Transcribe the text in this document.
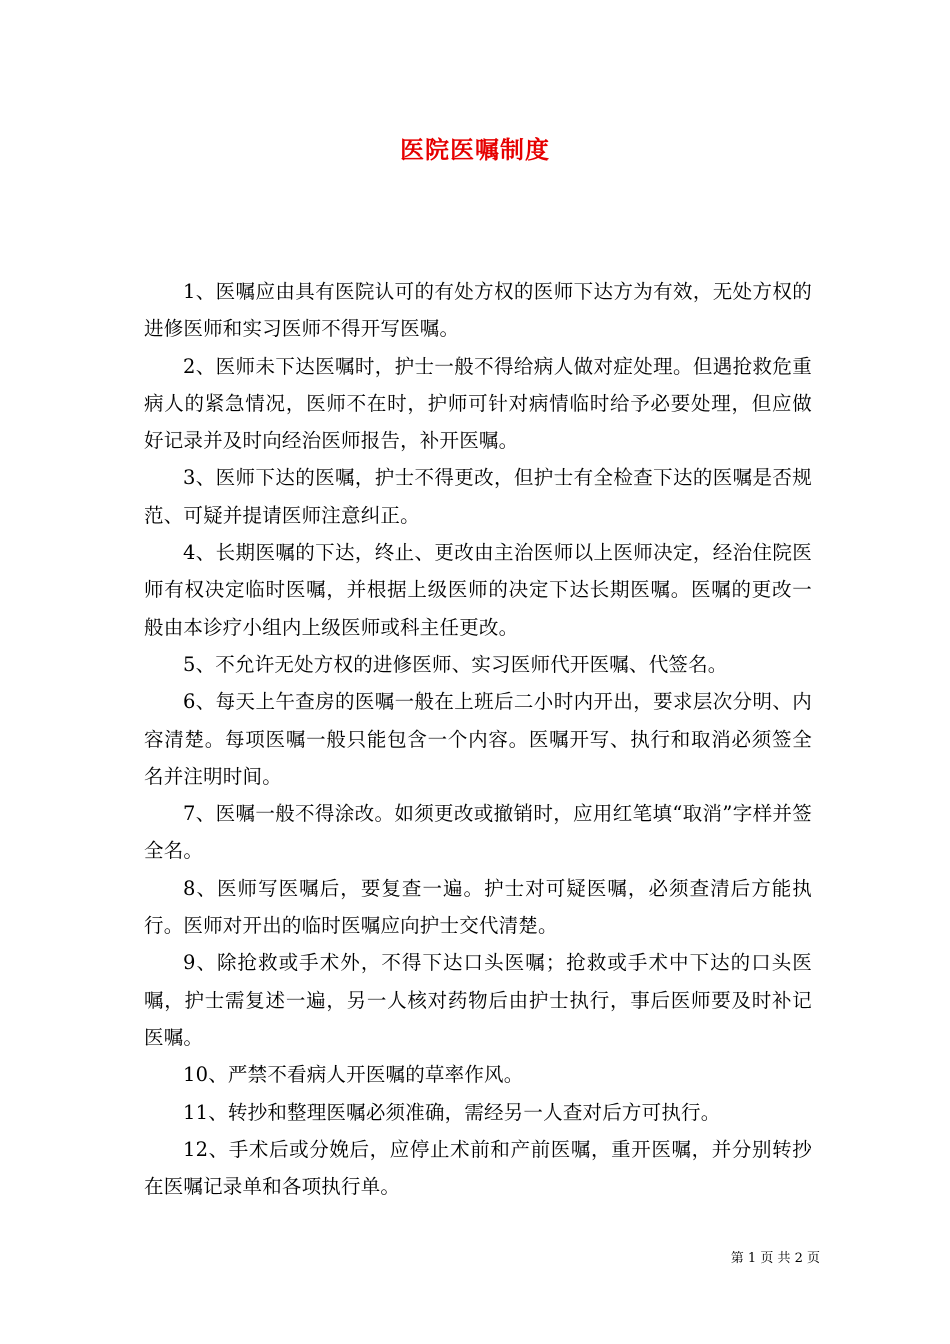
医院医嘱制度

1、医嘱应由具有医院认可的有处方权的医师下达方为有效，无处方权的进修医师和实习医师不得开写医嘱。

2、医师未下达医嘱时，护士一般不得给病人做对症处理。但遇抢救危重病人的紧急情况，医师不在时，护师可针对病情临时给予必要处理，但应做好记录并及时向经治医师报告，补开医嘱。

3、医师下达的医嘱，护士不得更改，但护士有全检查下达的医嘱是否规范、可疑并提请医师注意纠正。

4、长期医嘱的下达，终止、更改由主治医师以上医师决定，经治住院医师有权决定临时医嘱，并根据上级医师的决定下达长期医嘱。医嘱的更改一般由本诊疗小组内上级医师或科主任更改。

5、不允许无处方权的进修医师、实习医师代开医嘱、代签名。

6、每天上午查房的医嘱一般在上班后二小时内开出，要求层次分明、内容清楚。每项医嘱一般只能包含一个内容。医嘱开写、执行和取消必须签全名并注明时间。

7、医嘱一般不得涂改。如须更改或撤销时，应用红笔填“取消”字样并签全名。

8、医师写医嘱后，要复查一遍。护士对可疑医嘱，必须查清后方能执行。医师对开出的临时医嘱应向护士交代清楚。

9、除抢救或手术外，不得下达口头医嘱；抢救或手术中下达的口头医嘱，护士需复述一遍，另一人核对药物后由护士执行，事后医师要及时补记医嘱。

10、严禁不看病人开医嘱的草率作风。

11、转抄和整理医嘱必须准确，需经另一人查对后方可执行。

12、手术后或分娩后，应停止术前和产前医嘱，重开医嘱，并分别转抄在医嘱记录单和各项执行单。

第 1 页 共 2 页
